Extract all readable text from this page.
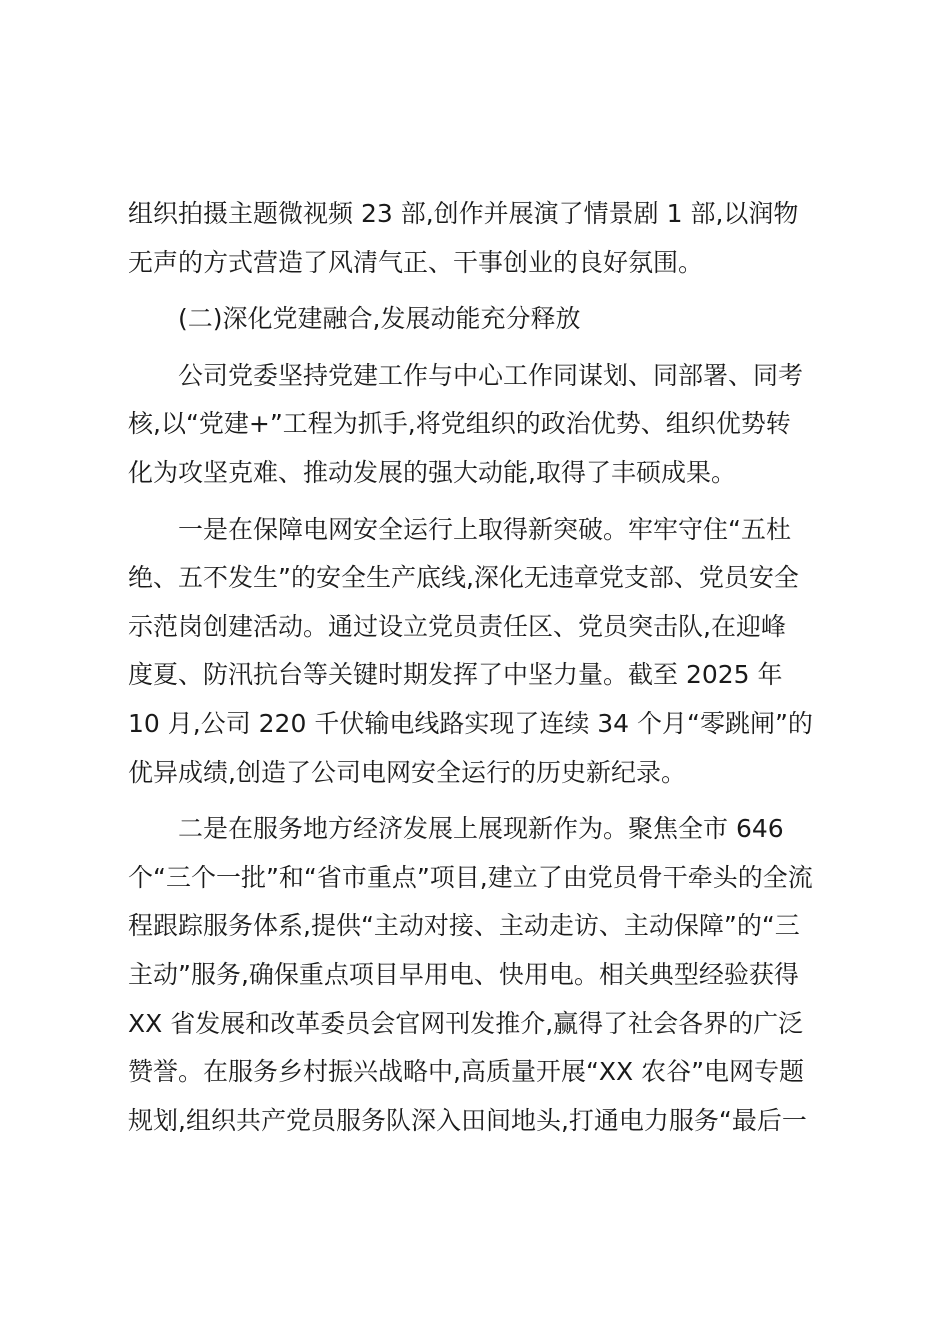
组织拍摄主题微视频 23 部,创作并展演了情景剧 1 部,以润物
无声的方式营造了风清气正、干事创业的良好氛围。
(二)深化党建融合,发展动能充分释放
公司党委坚持党建工作与中心工作同谋划、同部署、同考
核,以“党建+”工程为抓手,将党组织的政治优势、组织优势转
化为攻坚克难、推动发展的强大动能,取得了丰硕成果。
一是在保障电网安全运行上取得新突破。牢牢守住“五杜
绝、五不发生”的安全生产底线,深化无违章党支部、党员安全
示范岗创建活动。通过设立党员责任区、党员突击队,在迎峰
度夏、防汛抗台等关键时期发挥了中坚力量。截至 2025 年
10 月,公司 220 千伏输电线路实现了连续 34 个月“零跳闸”的
优异成绩,创造了公司电网安全运行的历史新纪录。
二是在服务地方经济发展上展现新作为。聚焦全市 646
个“三个一批”和“省市重点”项目,建立了由党员骨干牵头的全流
程跟踪服务体系,提供“主动对接、主动走访、主动保障”的“三
主动”服务,确保重点项目早用电、快用电。相关典型经验获得
XX 省发展和改革委员会官网刊发推介,赢得了社会各界的广泛
赞誉。在服务乡村振兴战略中,高质量开展“XX 农谷”电网专题
规划,组织共产党员服务队深入田间地头,打通电力服务“最后一
